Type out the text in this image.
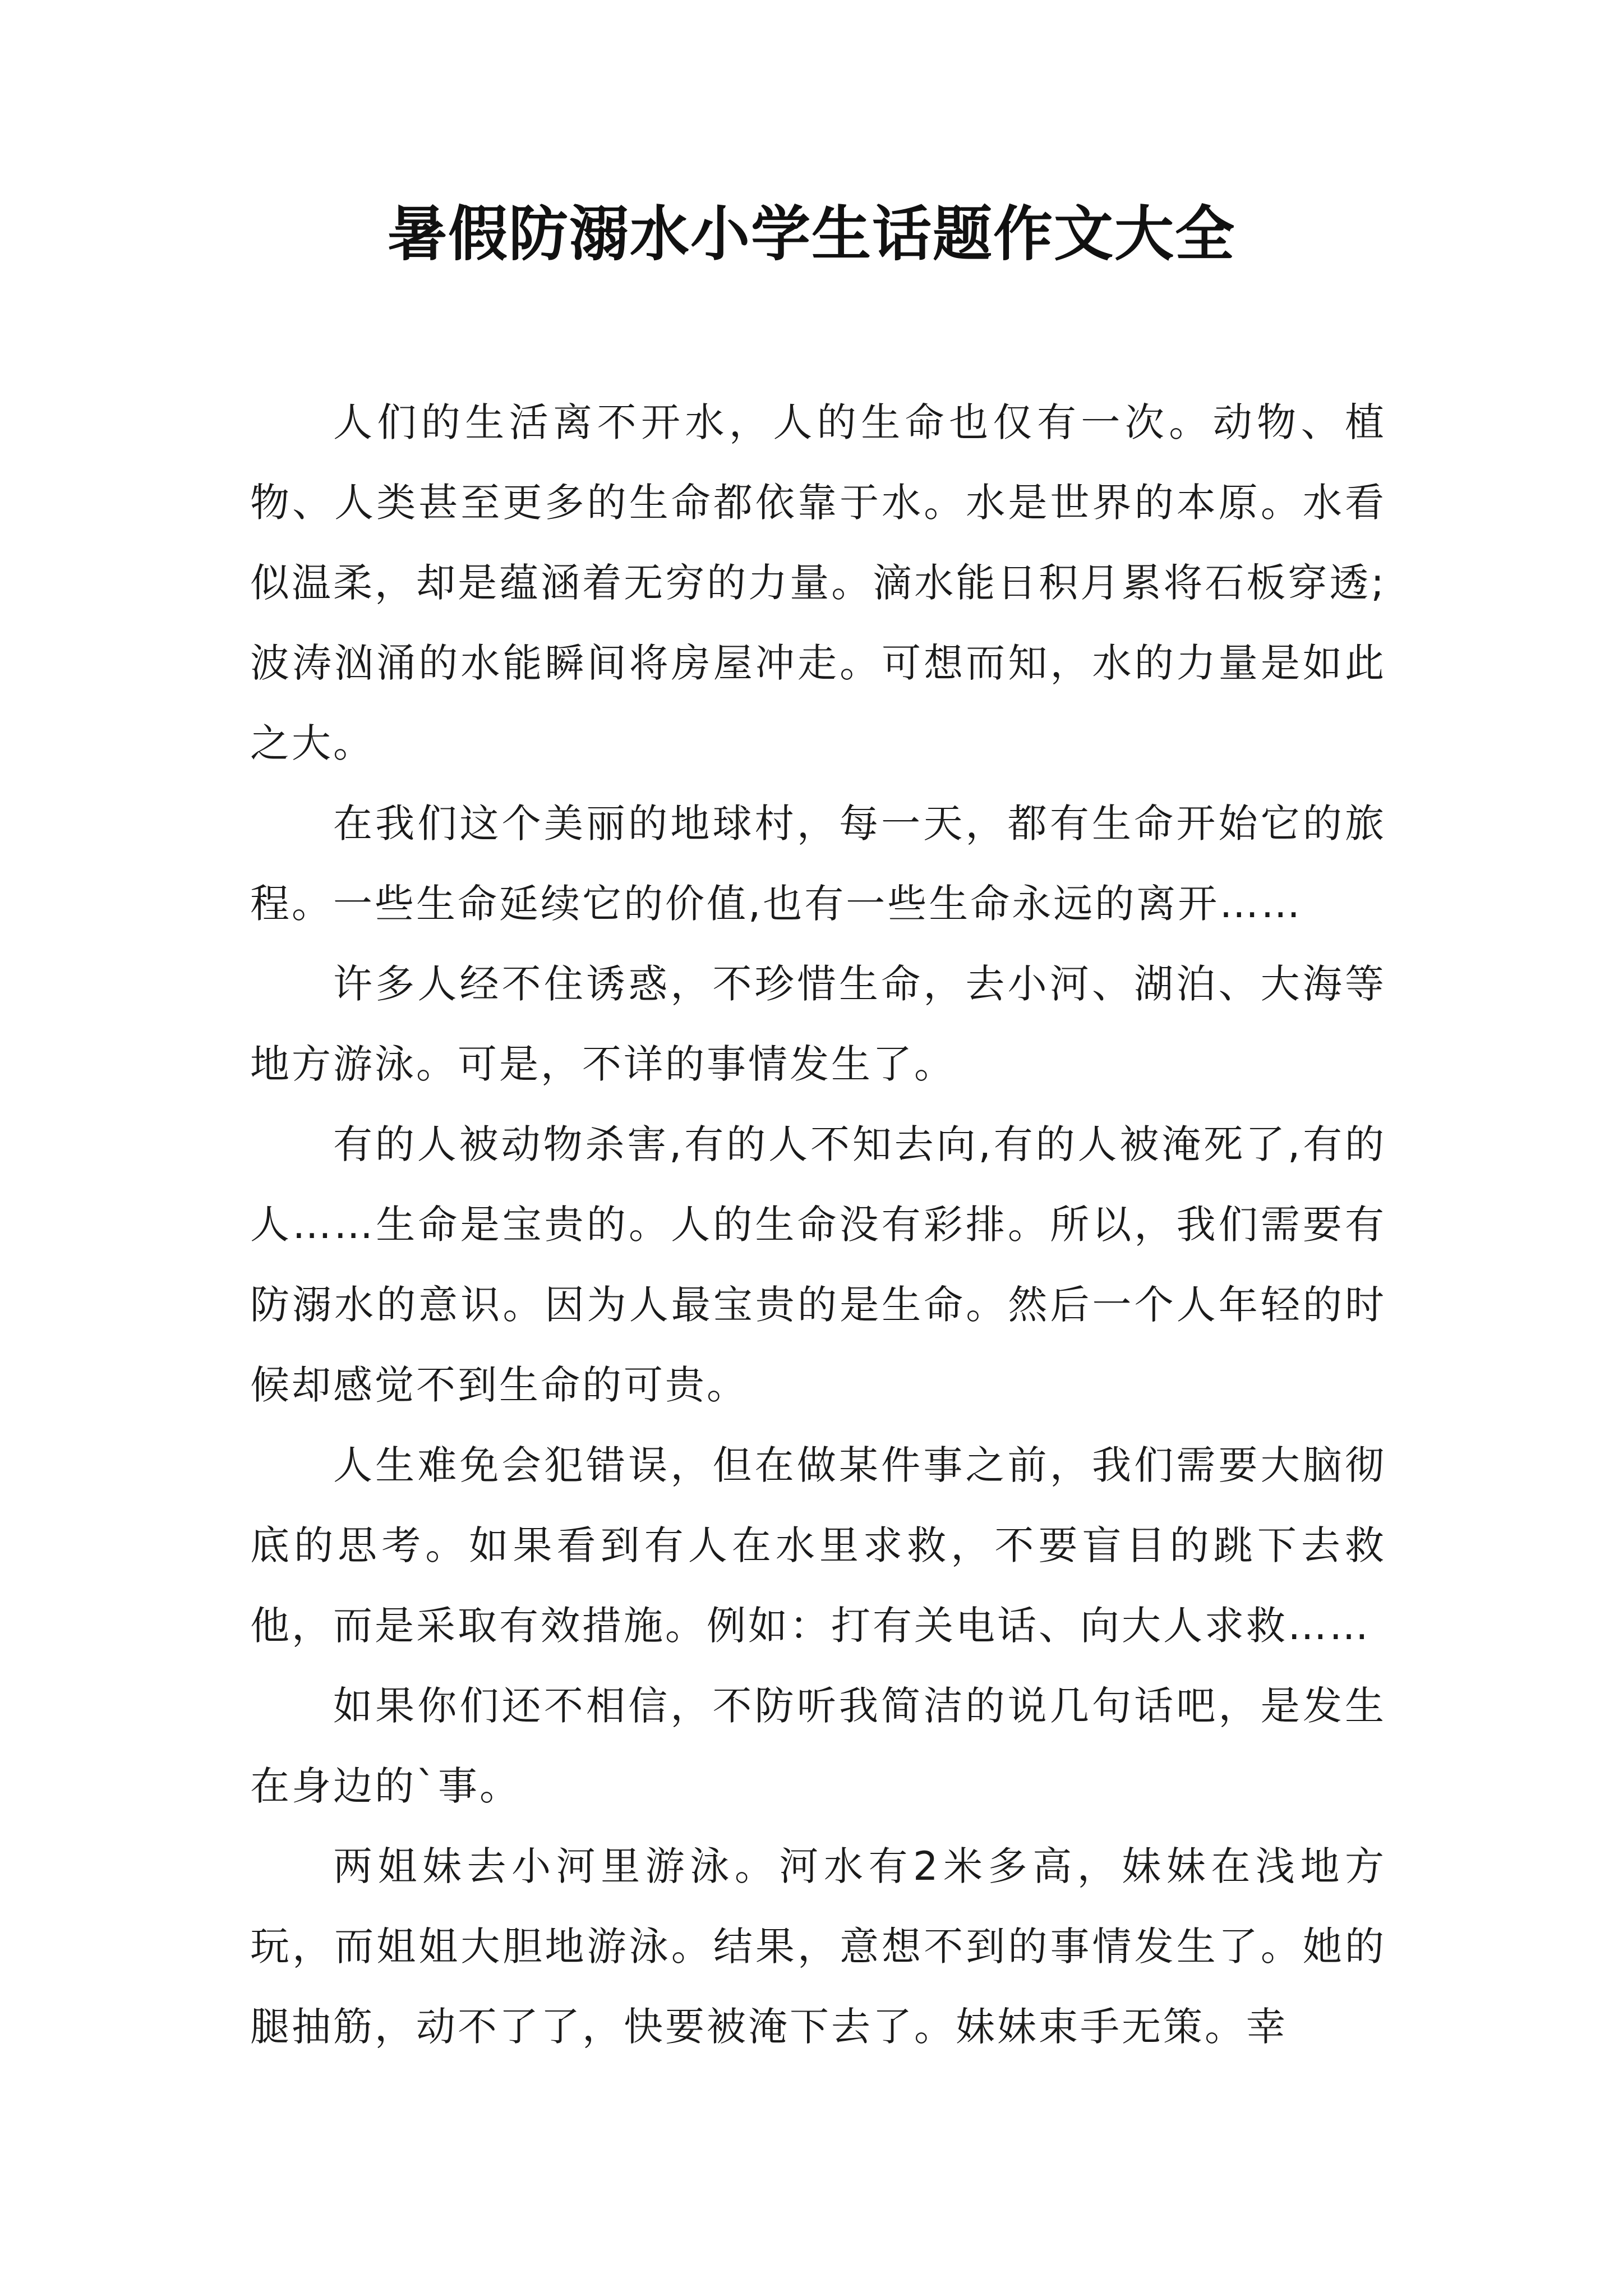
暑假防溺水小学生话题作文大全

人们的生活离不开水，人的生命也仅有一次。动物、植物、人类甚至更多的生命都依靠于水。水是世界的本原。水看似温柔，却是蕴涵着无穷的力量。滴水能日积月累将石板穿透;波涛汹涌的水能瞬间将房屋冲走。可想而知，水的力量是如此之大。

在我们这个美丽的地球村，每一天，都有生命开始它的旅程。一些生命延续它的价值,也有一些生命永远的离开……

许多人经不住诱惑，不珍惜生命，去小河、湖泊、大海等地方游泳。可是，不详的事情发生了。

有的人被动物杀害,有的人不知去向,有的人被淹死了,有的人……生命是宝贵的。人的生命没有彩排。所以，我们需要有防溺水的意识。因为人最宝贵的是生命。然后一个人年轻的时候却感觉不到生命的可贵。

人生难免会犯错误，但在做某件事之前，我们需要大脑彻底的思考。如果看到有人在水里求救，不要盲目的跳下去救他，而是采取有效措施。例如：打有关电话、向大人求救……

如果你们还不相信，不防听我简洁的说几句话吧，是发生在身边的`事。

两姐妹去小河里游泳。河水有2米多高，妹妹在浅地方玩，而姐姐大胆地游泳。结果，意想不到的事情发生了。她的腿抽筋，动不了了，快要被淹下去了。妹妹束手无策。幸
